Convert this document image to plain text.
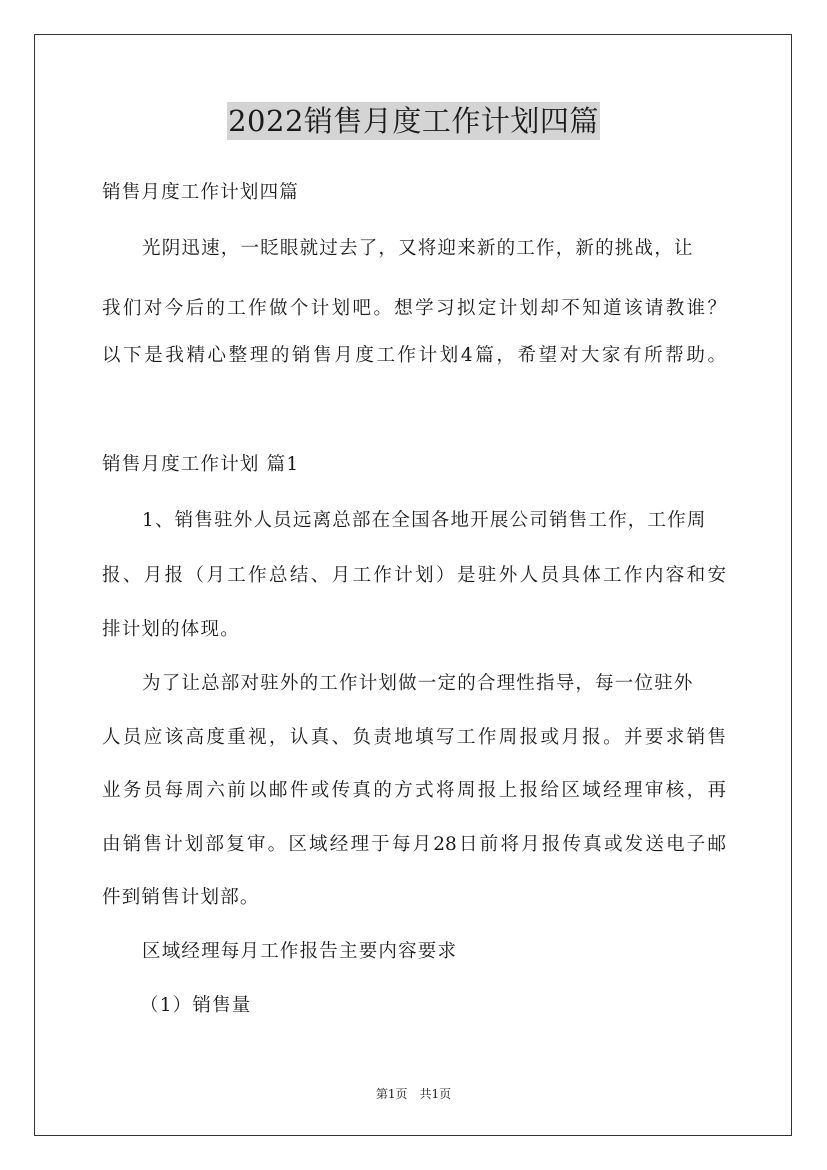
2022销售月度工作计划四篇
销售月度工作计划四篇
光阴迅速，一眨眼就过去了，又将迎来新的工作，新的挑战，让
我们对今后的工作做个计划吧。想学习拟定计划却不知道该请教谁？
以下是我精心整理的销售月度工作计划4篇，希望对大家有所帮助。
销售月度工作计划 篇1
1、销售驻外人员远离总部在全国各地开展公司销售工作，工作周
报、月报（月工作总结、月工作计划）是驻外人员具体工作内容和安
排计划的体现。
为了让总部对驻外的工作计划做一定的合理性指导，每一位驻外
人员应该高度重视，认真、负责地填写工作周报或月报。并要求销售
业务员每周六前以邮件或传真的方式将周报上报给区域经理审核，再
由销售计划部复审。区域经理于每月28日前将月报传真或发送电子邮
件到销售计划部。
区域经理每月工作报告主要内容要求
（1）销售量
第1页　共1页
